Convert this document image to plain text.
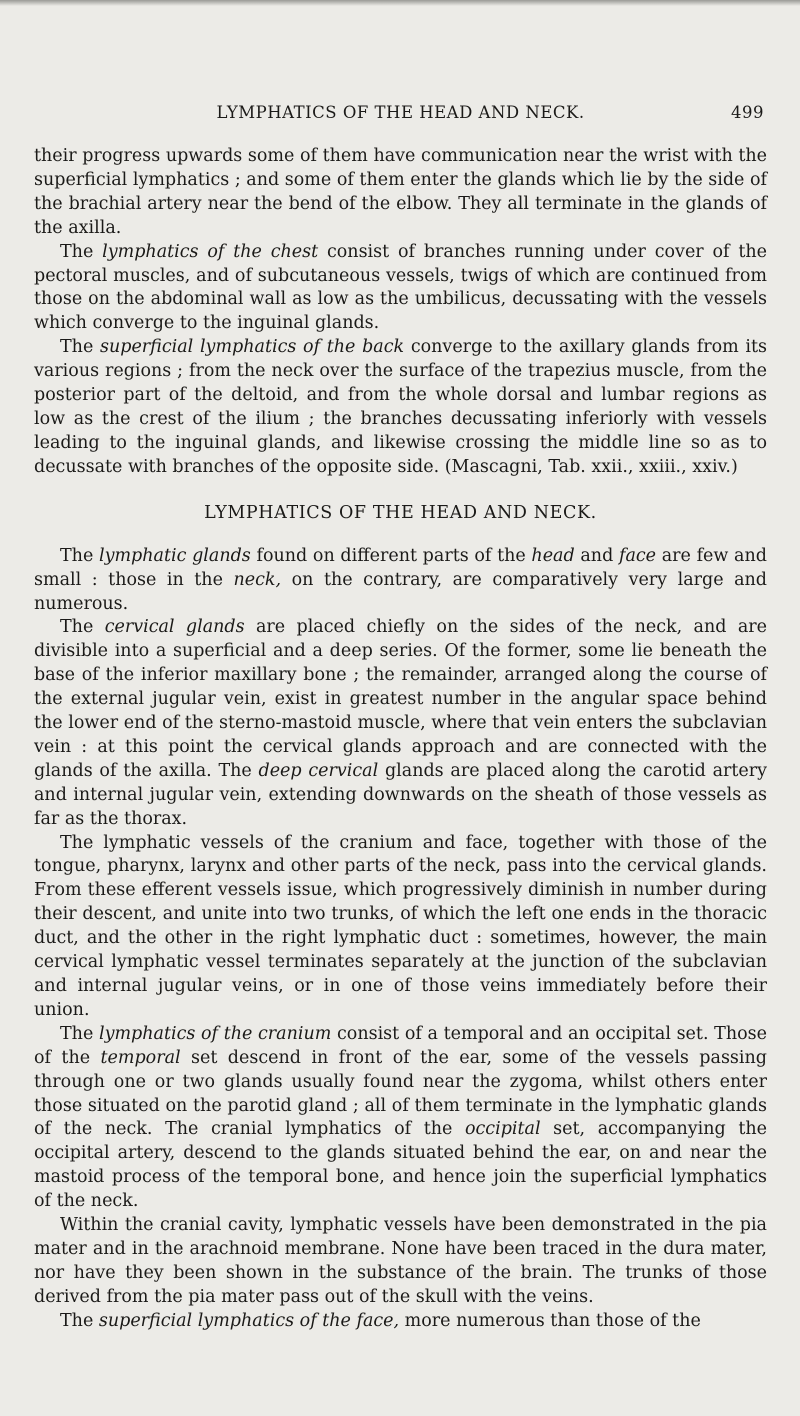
LYMPHATICS OF THE HEAD AND NECK.	499

their progress upwards some of them have communication near the wrist with the superficial lymphatics ; and some of them enter the glands which lie by the side of the brachial artery near the bend of the elbow. They all terminate in the glands of the axilla.

The lymphatics of the chest consist of branches running under cover of the pectoral muscles, and of subcutaneous vessels, twigs of which are continued from those on the abdominal wall as low as the umbilicus, decussating with the vessels which converge to the inguinal glands.

The superficial lymphatics of the back converge to the axillary glands from its various regions ; from the neck over the surface of the trapezius muscle, from the posterior part of the deltoid, and from the whole dorsal and lumbar regions as low as the crest of the ilium ; the branches decussating inferiorly with vessels leading to the inguinal glands, and likewise crossing the middle line so as to decussate with branches of the opposite side. (Mascagni, Tab. xxii., xxiii., xxiv.)

LYMPHATICS OF THE HEAD AND NECK.

The lymphatic glands found on different parts of the head and face are few and small : those in the neck, on the contrary, are comparatively very large and numerous.

The cervical glands are placed chiefly on the sides of the neck, and are divisible into a superficial and a deep series. Of the former, some lie beneath the base of the inferior maxillary bone ; the remainder, arranged along the course of the external jugular vein, exist in greatest number in the angular space behind the lower end of the sterno-mastoid muscle, where that vein enters the subclavian vein : at this point the cervical glands approach and are connected with the glands of the axilla. The deep cervical glands are placed along the carotid artery and internal jugular vein, extending downwards on the sheath of those vessels as far as the thorax.

The lymphatic vessels of the cranium and face, together with those of the tongue, pharynx, larynx and other parts of the neck, pass into the cervical glands. From these efferent vessels issue, which progressively diminish in number during their descent, and unite into two trunks, of which the left one ends in the thoracic duct, and the other in the right lymphatic duct : sometimes, however, the main cervical lymphatic vessel terminates separately at the junction of the subclavian and internal jugular veins, or in one of those veins immediately before their union.

The lymphatics of the cranium consist of a temporal and an occipital set. Those of the temporal set descend in front of the ear, some of the vessels passing through one or two glands usually found near the zygoma, whilst others enter those situated on the parotid gland ; all of them terminate in the lymphatic glands of the neck. The cranial lymphatics of the occipital set, accompanying the occipital artery, descend to the glands situated behind the ear, on and near the mastoid process of the temporal bone, and hence join the superficial lymphatics of the neck.

Within the cranial cavity, lymphatic vessels have been demonstrated in the pia mater and in the arachnoid membrane. None have been traced in the dura mater, nor have they been shown in the substance of the brain. The trunks of those derived from the pia mater pass out of the skull with the veins.

The superficial lymphatics of the face, more numerous than those of the
